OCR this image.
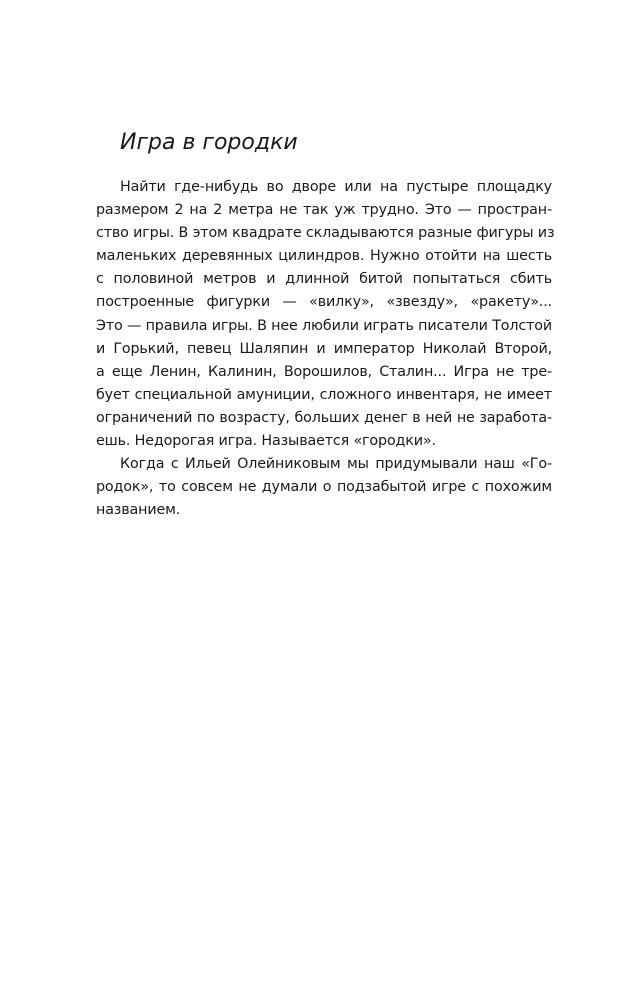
Игра в городки

Найти где-нибудь во дворе или на пустыре площадку
размером 2 на 2 метра не так уж трудно. Это — простран-
ство игры. В этом квадрате складываются разные фигуры из
маленьких деревянных цилиндров. Нужно отойти на шесть
с половиной метров и длинной битой попытаться сбить
построенные фигурки — «вилку», «звезду», «ракету»...
Это — правила игры. В нее любили играть писатели Толстой
и Горький, певец Шаляпин и император Николай Второй,
а еще Ленин, Калинин, Ворошилов, Сталин... Игра не тре-
бует специальной амуниции, сложного инвентаря, не имеет
ограничений по возрасту, больших денег в ней не заработа-
ешь. Недорогая игра. Называется «городки».

Когда с Ильей Олейниковым мы придумывали наш «Го-
родок», то совсем не думали о подзабытой игре с похожим
названием.
